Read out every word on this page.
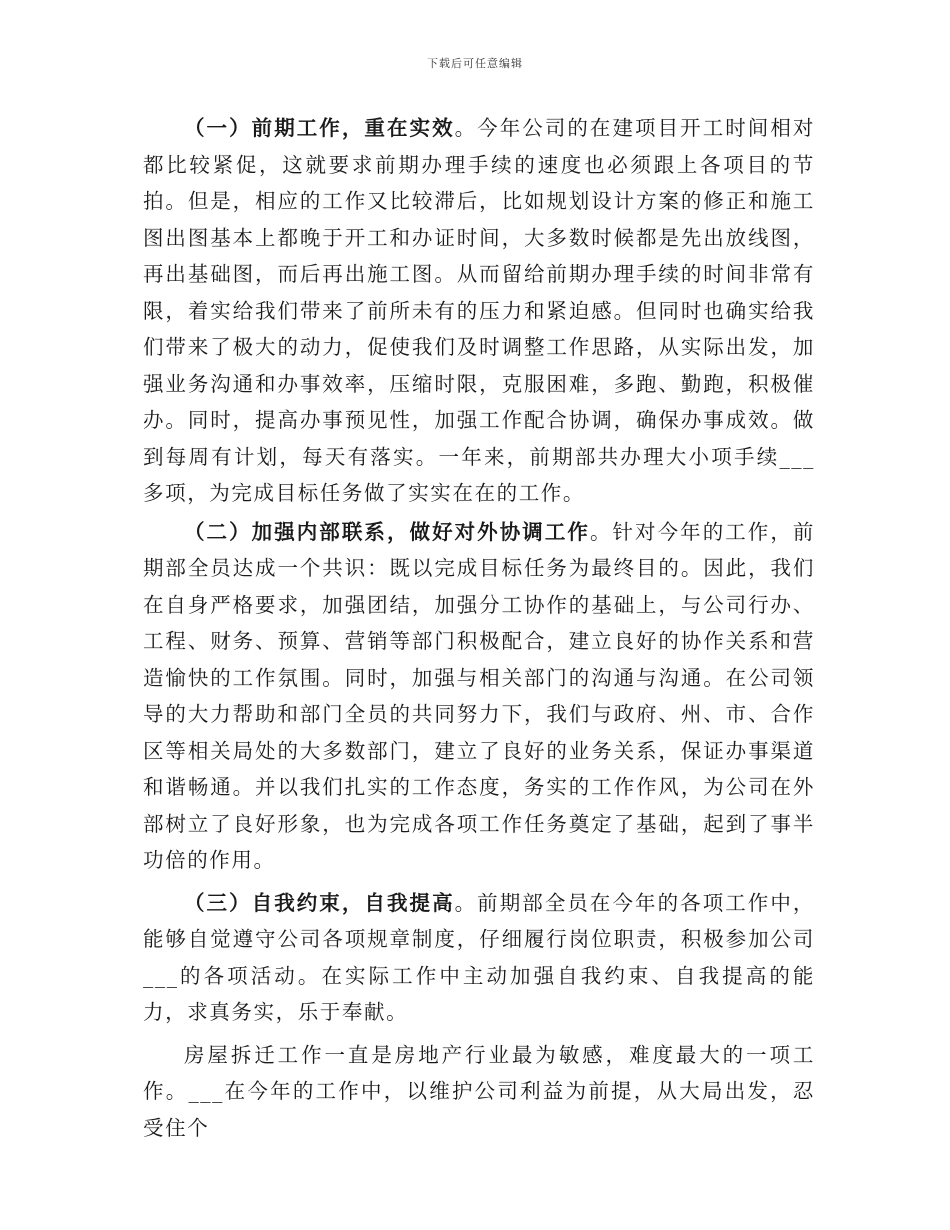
下载后可任意编辑

（一）前期工作，重在实效。今年公司的在建项目开工时间相对都比较紧促，这就要求前期办理手续的速度也必须跟上各项目的节拍。但是，相应的工作又比较滞后，比如规划设计方案的修正和施工图出图基本上都晚于开工和办证时间，大多数时候都是先出放线图，再出基础图，而后再出施工图。从而留给前期办理手续的时间非常有限，着实给我们带来了前所未有的压力和紧迫感。但同时也确实给我们带来了极大的动力，促使我们及时调整工作思路，从实际出发，加强业务沟通和办事效率，压缩时限，克服困难，多跑、勤跑，积极催办。同时，提高办事预见性，加强工作配合协调，确保办事成效。做到每周有计划，每天有落实。一年来，前期部共办理大小项手续___多项，为完成目标任务做了实实在在的工作。

（二）加强内部联系，做好对外协调工作。针对今年的工作，前期部全员达成一个共识：既以完成目标任务为最终目的。因此，我们在自身严格要求，加强团结，加强分工协作的基础上，与公司行办、工程、财务、预算、营销等部门积极配合，建立良好的协作关系和营造愉快的工作氛围。同时，加强与相关部门的沟通与沟通。在公司领导的大力帮助和部门全员的共同努力下，我们与政府、州、市、合作区等相关局处的大多数部门，建立了良好的业务关系，保证办事渠道和谐畅通。并以我们扎实的工作态度，务实的工作作风，为公司在外部树立了良好形象，也为完成各项工作任务奠定了基础，起到了事半功倍的作用。

（三）自我约束，自我提高。前期部全员在今年的各项工作中，能够自觉遵守公司各项规章制度，仔细履行岗位职责，积极参加公司___的各项活动。在实际工作中主动加强自我约束、自我提高的能力，求真务实，乐于奉献。

房屋拆迁工作一直是房地产行业最为敏感，难度最大的一项工作。___在今年的工作中，以维护公司利益为前提，从大局出发，忍受住个
